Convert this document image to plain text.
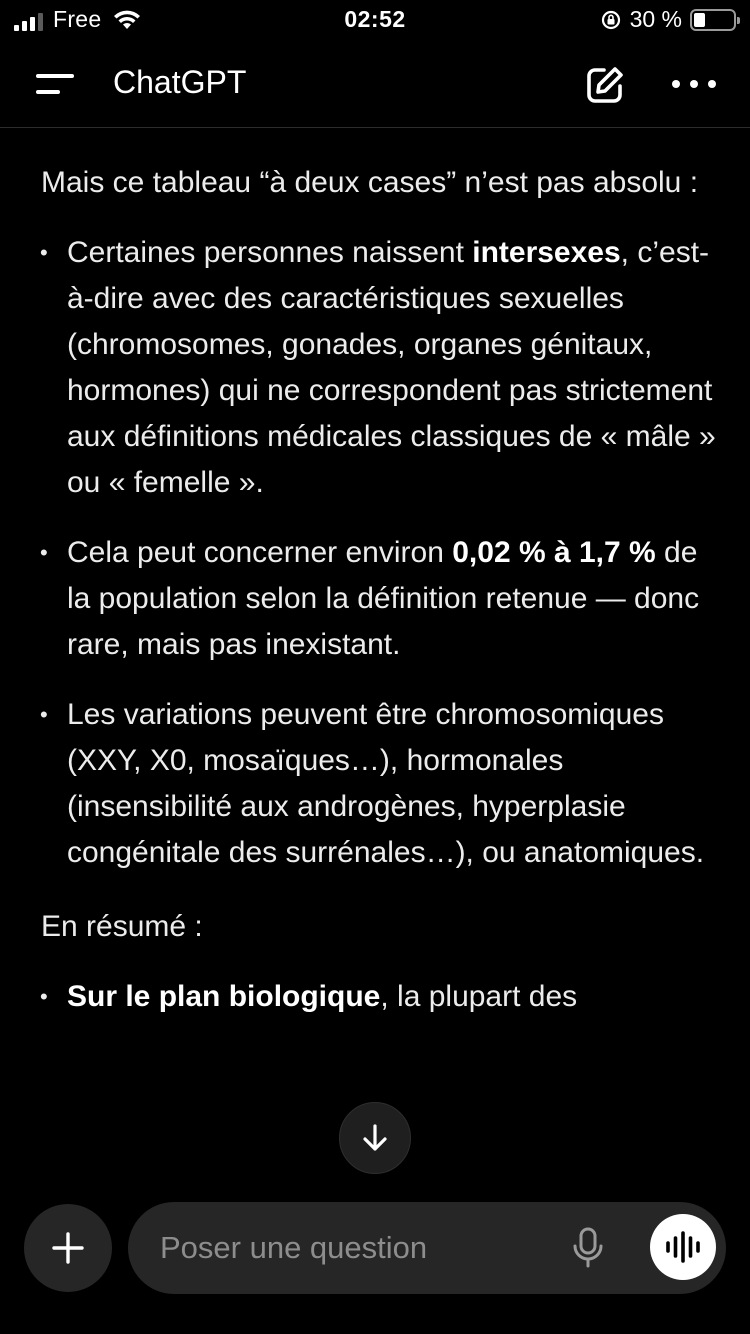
Free	02:52	30 %
ChatGPT

Mais ce tableau “à deux cases” n’est pas absolu :

• Certaines personnes naissent intersexes, c’est-à-dire avec des caractéristiques sexuelles (chromosomes, gonades, organes génitaux, hormones) qui ne correspondent pas strictement aux définitions médicales classiques de « mâle » ou « femelle ».
• Cela peut concerner environ 0,02 % à 1,7 % de la population selon la définition retenue — donc rare, mais pas inexistant.
• Les variations peuvent être chromosomiques (XXY, X0, mosaïques…), hormonales (insensibilité aux androgènes, hyperplasie congénitale des surrénales…), ou anatomiques.

En résumé :

• Sur le plan biologique, la plupart des
Poser une question
